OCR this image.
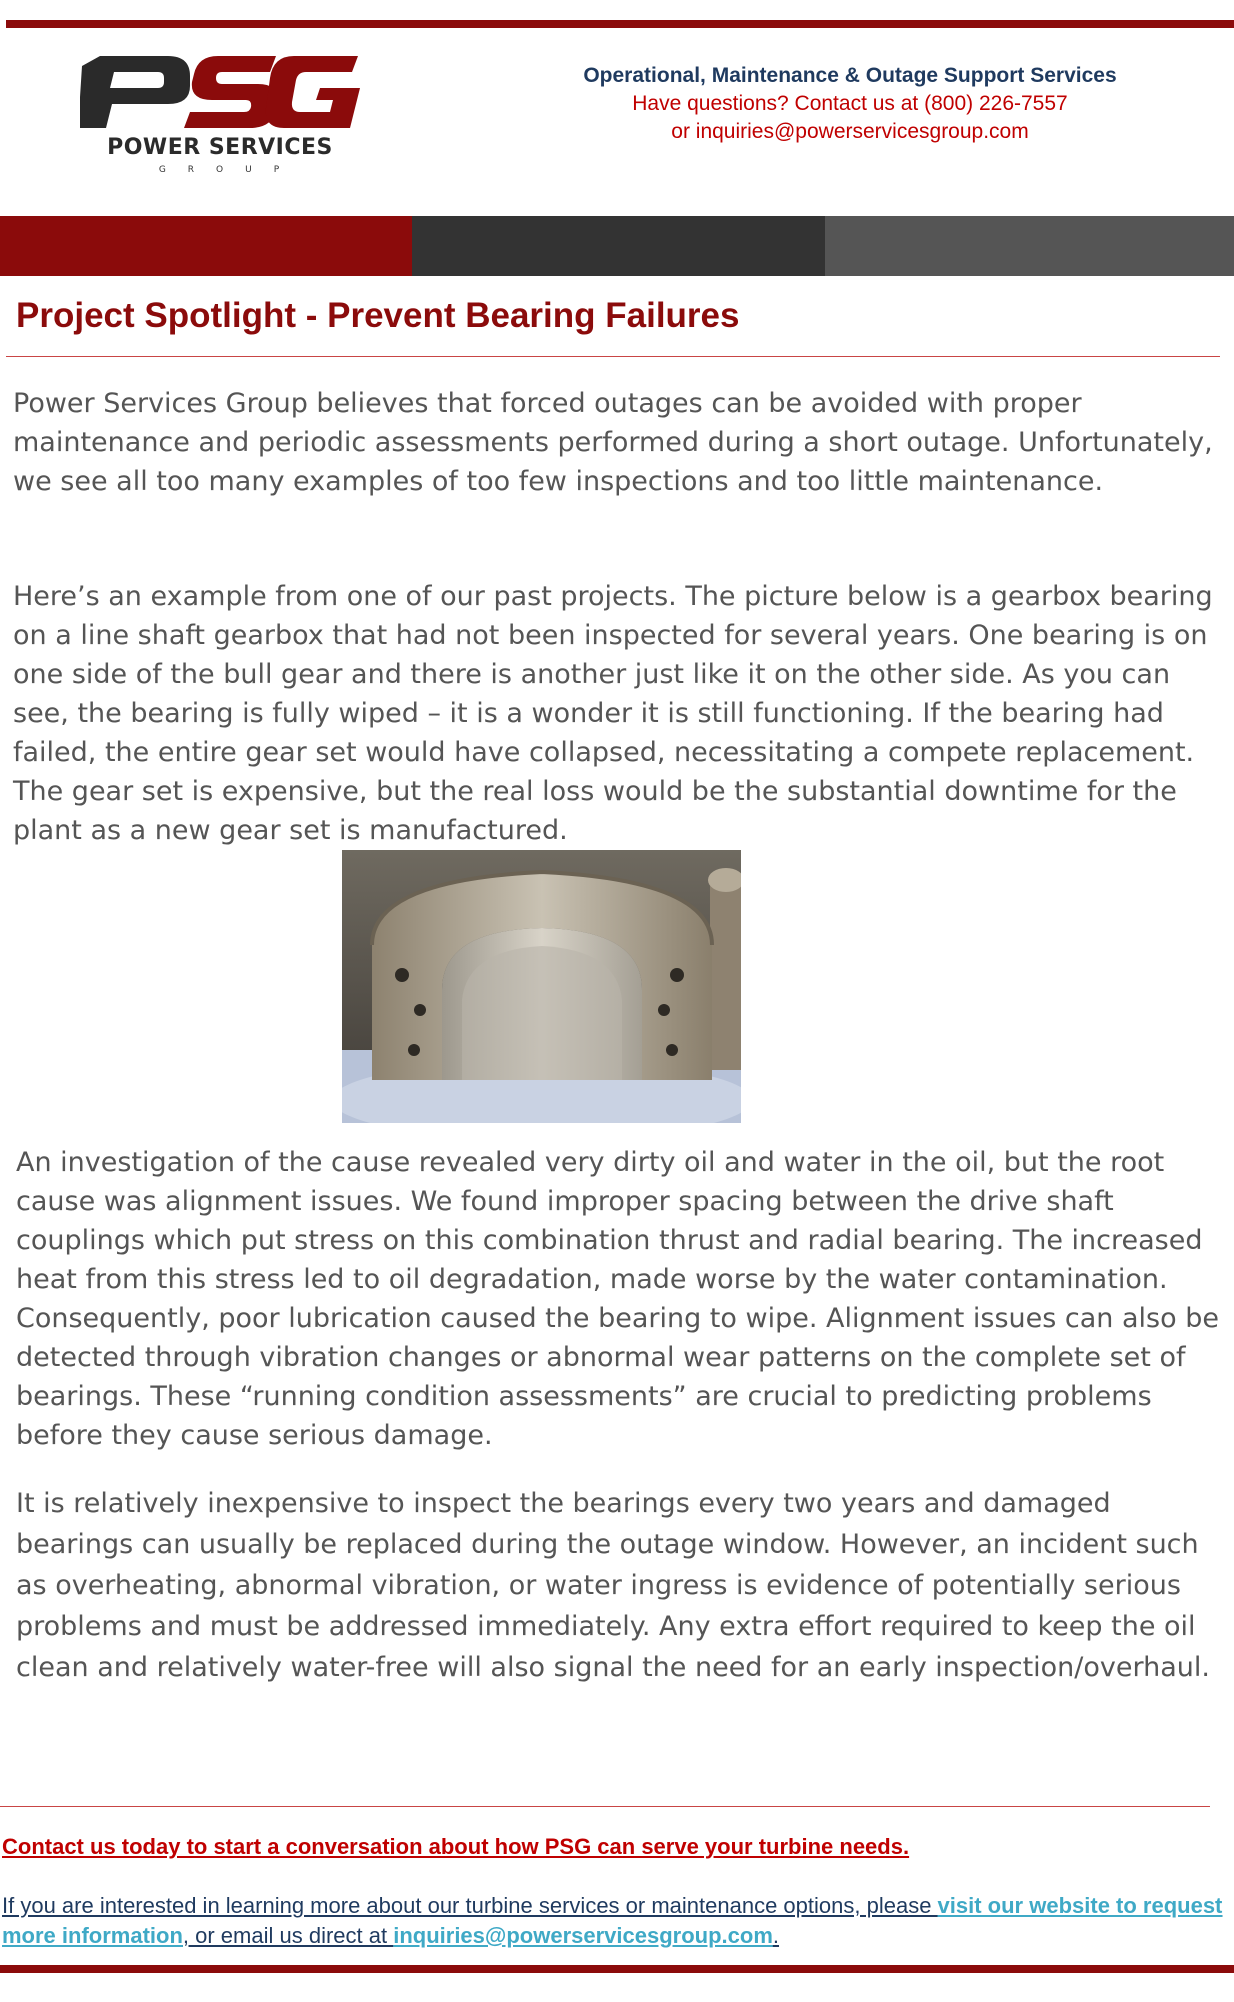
POWER SERVICES
GROUP
Operational, Maintenance & Outage Support Services
Have questions? Contact us at (800) 226-7557
or inquiries@powerservicesgroup.com
Project Spotlight - Prevent Bearing Failures

Power Services Group believes that forced outages can be avoided with proper maintenance and periodic assessments performed during a short outage. Unfortunately, we see all too many examples of too few inspections and too little maintenance.

Here’s an example from one of our past projects. The picture below is a gearbox bearing on a line shaft gearbox that had not been inspected for several years. One bearing is on one side of the bull gear and there is another just like it on the other side. As you can see, the bearing is fully wiped – it is a wonder it is still functioning. If the bearing had failed, the entire gear set would have collapsed, necessitating a compete replacement. The gear set is expensive, but the real loss would be the substantial downtime for the plant as a new gear set is manufactured.

An investigation of the cause revealed very dirty oil and water in the oil, but the root cause was alignment issues. We found improper spacing between the drive shaft couplings which put stress on this combination thrust and radial bearing. The increased heat from this stress led to oil degradation, made worse by the water contamination. Consequently, poor lubrication caused the bearing to wipe. Alignment issues can also be detected through vibration changes or abnormal wear patterns on the complete set of bearings. These “running condition assessments” are crucial to predicting problems before they cause serious damage.

It is relatively inexpensive to inspect the bearings every two years and damaged bearings can usually be replaced during the outage window. However, an incident such as overheating, abnormal vibration, or water ingress is evidence of potentially serious problems and must be addressed immediately. Any extra effort required to keep the oil clean and relatively water-free will also signal the need for an early inspection/overhaul.

Contact us today to start a conversation about how PSG can serve your turbine needs.

If you are interested in learning more about our turbine services or maintenance options, please visit our website to request more information, or email us direct at inquiries@powerservicesgroup.com.
